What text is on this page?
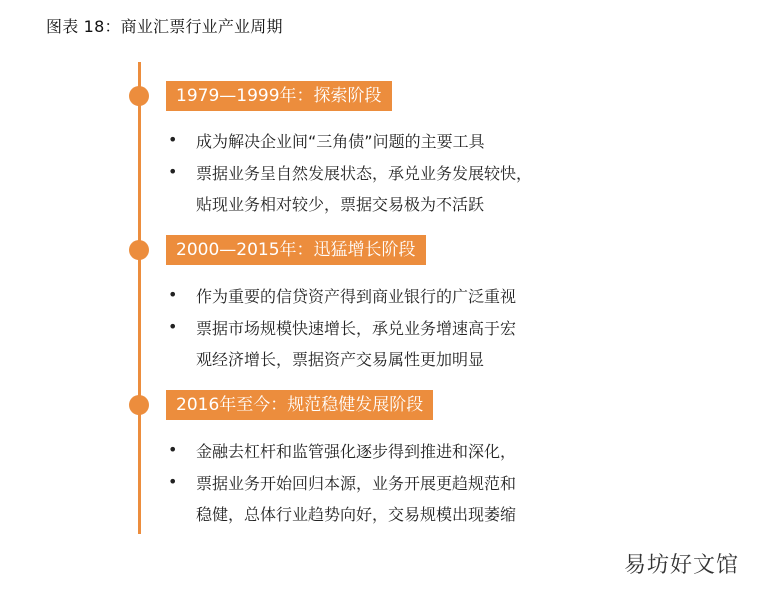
图表 18：商业汇票行业产业周期
1979—1999年：探索阶段
• 成为解决企业间“三角债”问题的主要工具
• 票据业务呈自然发展状态，承兑业务发展较快，
贴现业务相对较少，票据交易极为不活跃
2000—2015年：迅猛增长阶段
• 作为重要的信贷资产得到商业银行的广泛重视
• 票据市场规模快速增长，承兑业务增速高于宏
观经济增长，票据资产交易属性更加明显
2016年至今：规范稳健发展阶段
• 金融去杠杆和监管强化逐步得到推进和深化，
• 票据业务开始回归本源，业务开展更趋规范和
稳健，总体行业趋势向好，交易规模出现萎缩
易坊好文馆
